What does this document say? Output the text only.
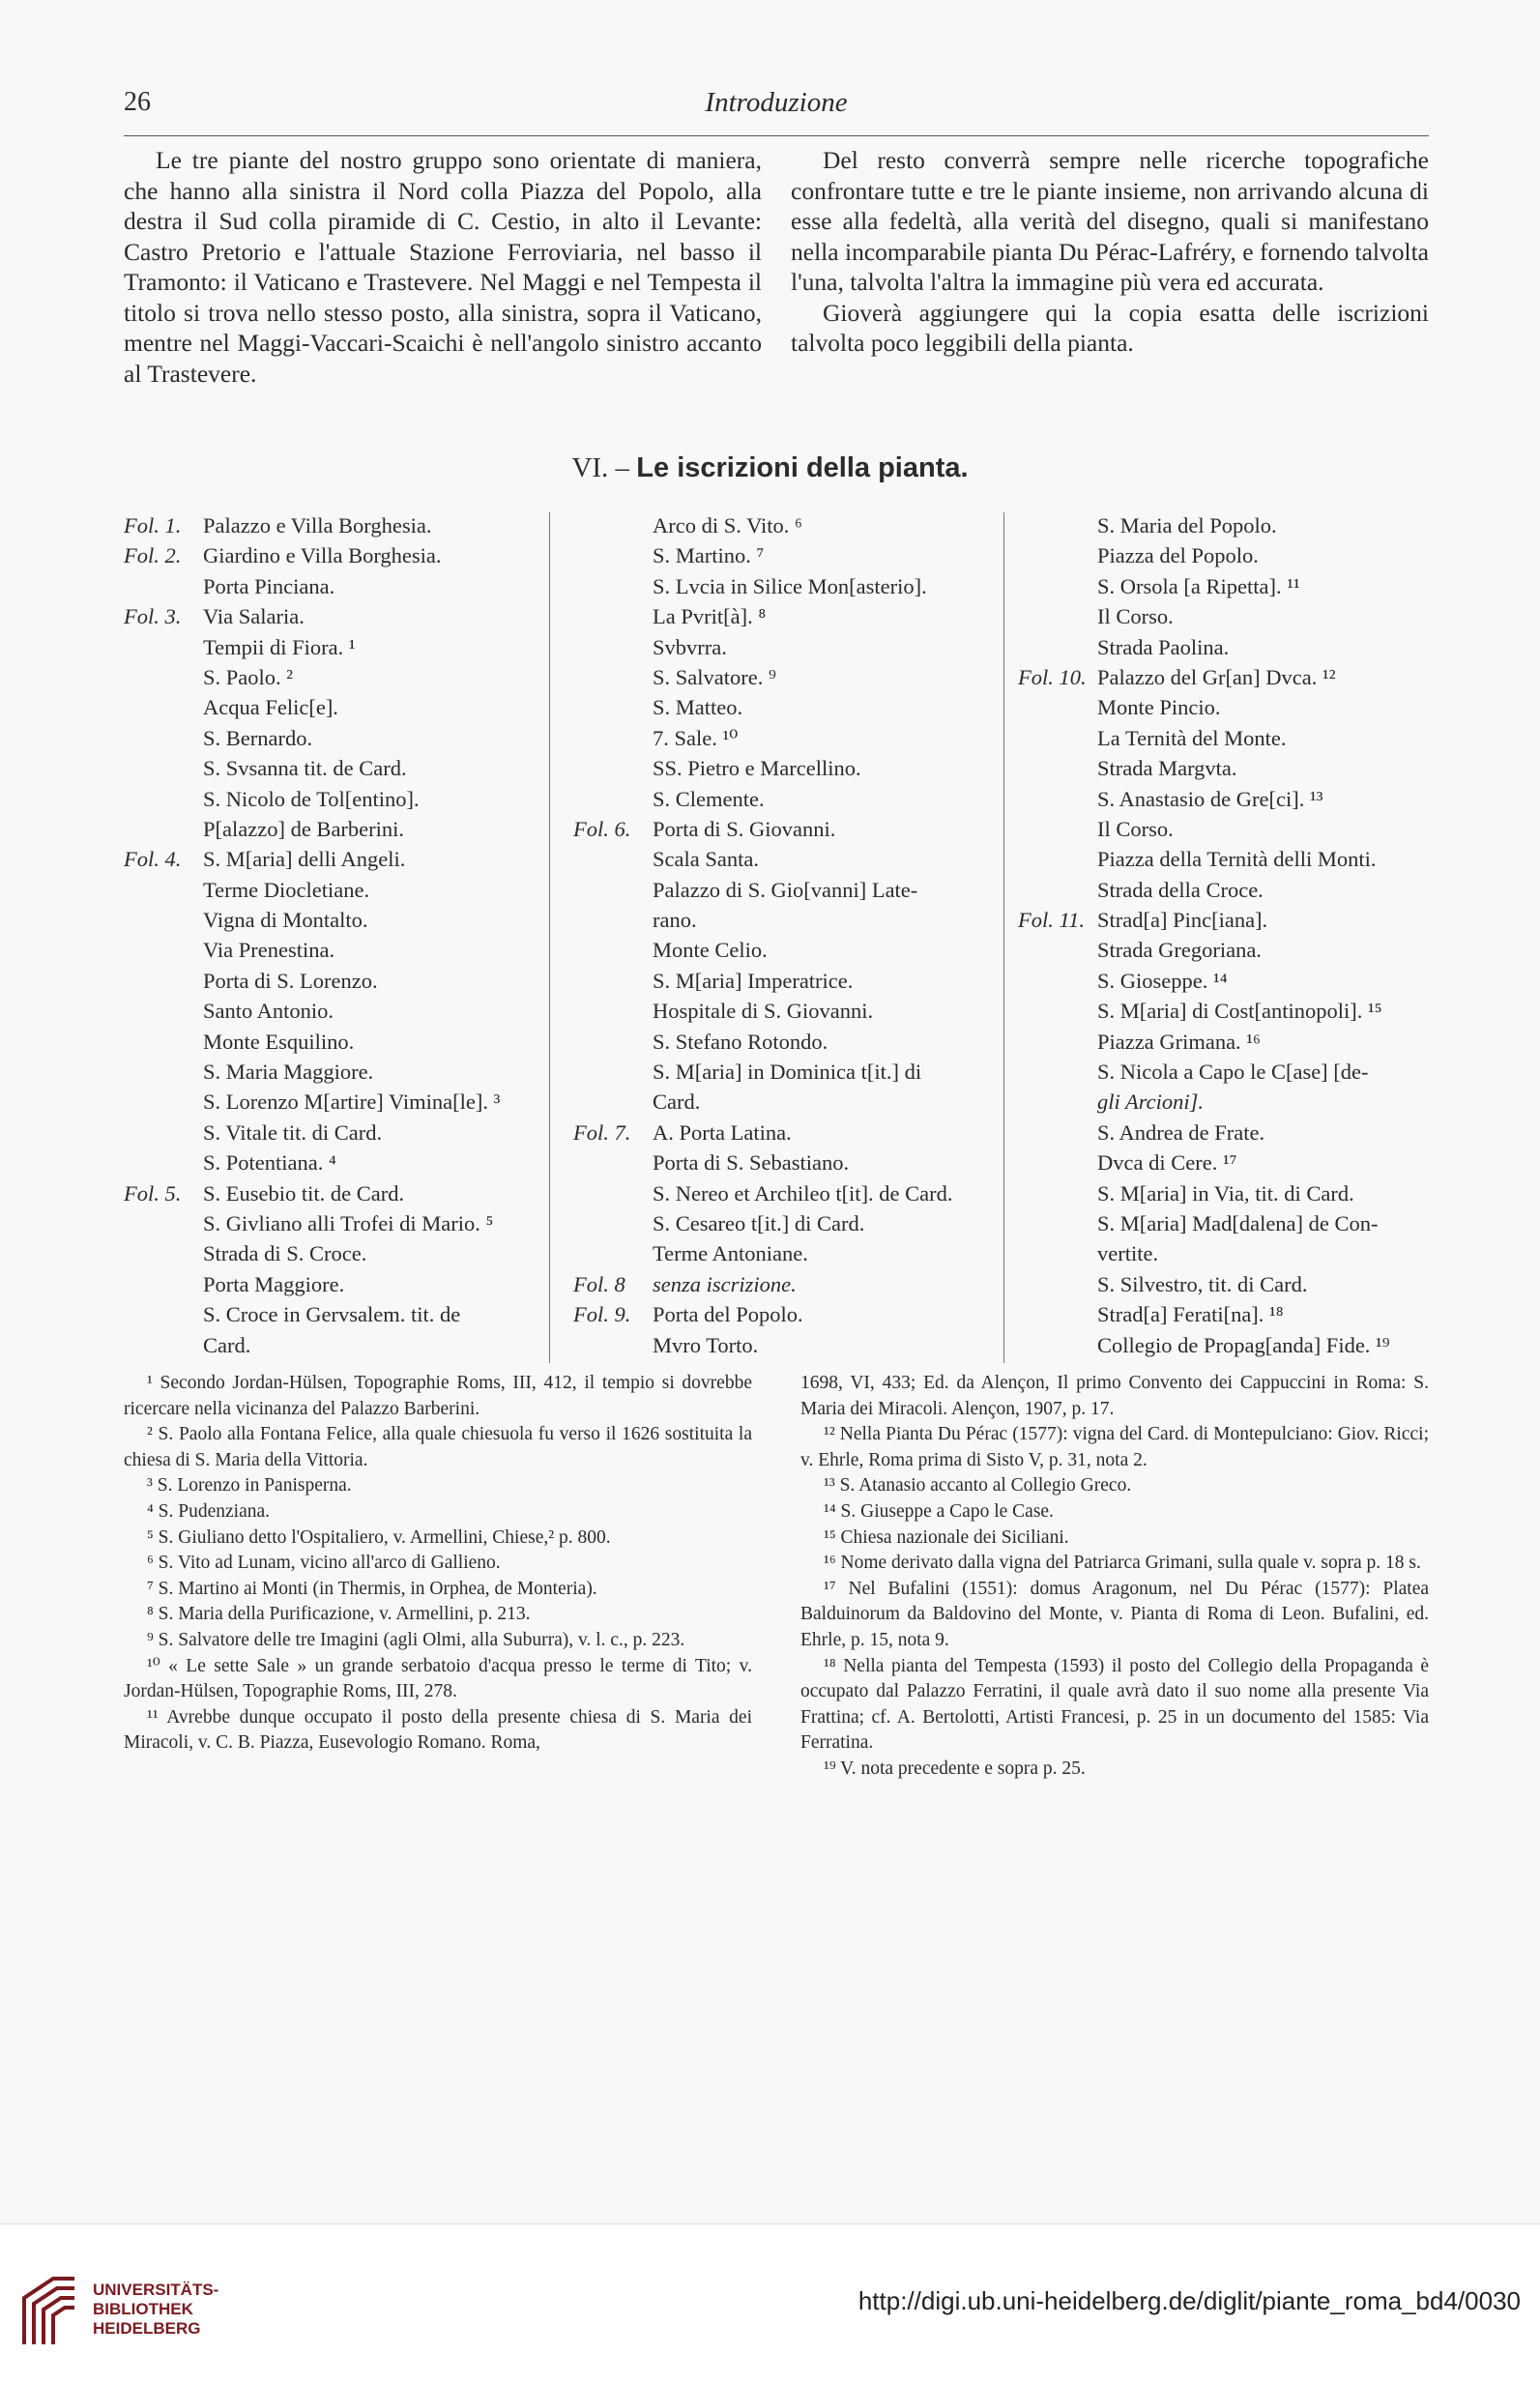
26	Introduzione

Le tre piante del nostro gruppo sono orientate di maniera, che hanno alla sinistra il Nord colla Piazza del Popolo, alla destra il Sud colla piramide di C. Cestio, in alto il Levante: Castro Pretorio e l'attuale Stazione Ferroviaria, nel basso il Tramonto: il Vaticano e Trastevere. Nel Maggi e nel Tempesta il titolo si trova nello stesso posto, alla sinistra, sopra il Vaticano, mentre nel Maggi-Vaccari-Scaichi è nell'angolo sinistro accanto al Trastevere.

Del resto converrà sempre nelle ricerche topografiche confrontare tutte e tre le piante insieme, non arrivando alcuna di esse alla fedeltà, alla verità del disegno, quali si manifestano nella incomparabile pianta Du Pérac-Lafréry, e fornendo talvolta l'una, talvolta l'altra la immagine più vera ed accurata.

Gioverà aggiungere qui la copia esatta delle iscrizioni talvolta poco leggibili della pianta.

VI. – Le iscrizioni della pianta.
Fol. 1. Palazzo e Villa Borghesia.
Fol. 2. Giardino e Villa Borghesia.
Porta Pinciana.
Fol. 3. Via Salaria.
Tempii di Fiora. ¹
S. Paolo. ²
Acqua Felic[e].
S. Bernardo.
S. Svsanna tit. de Card.
S. Nicolo de Tol[entino].
P[alazzo] de Barberini.
Fol. 4. S. M[aria] delli Angeli.
Terme Diocletiane.
Vigna di Montalto.
Via Prenestina.
Porta di S. Lorenzo.
Santo Antonio.
Monte Esquilino.
S. Maria Maggiore.
S. Lorenzo M[artire] Vimina[le]. ³
S. Vitale tit. di Card.
S. Potentiana. ⁴
Fol. 5. S. Eusebio tit. de Card.
S. Givliano alli Trofei di Mario. ⁵
Strada di S. Croce.
Porta Maggiore.
S. Croce in Gervsalem. tit. de
Card.
Arco di S. Vito. ⁶
S. Martino. ⁷
S. Lvcia in Silice Mon[asterio].
La Pvrit[à]. ⁸
Svbvrra.
S. Salvatore. ⁹
S. Matteo.
7. Sale. ¹⁰
SS. Pietro e Marcellino.
S. Clemente.
Fol. 6. Porta di S. Giovanni.
Scala Santa.
Palazzo di S. Gio[vanni] Late-
rano.
Monte Celio.
S. M[aria] Imperatrice.
Hospitale di S. Giovanni.
S. Stefano Rotondo.
S. M[aria] in Dominica t[it.] di
Card.
Fol. 7. A. Porta Latina.
Porta di S. Sebastiano.
S. Nereo et Archileo t[it]. de Card.
S. Cesareo t[it.] di Card.
Terme Antoniane.
Fol. 8 senza iscrizione.
Fol. 9. Porta del Popolo.
Mvro Torto.
S. Maria del Popolo.
Piazza del Popolo.
S. Orsola [a Ripetta]. ¹¹
Il Corso.
Strada Paolina.
Fol. 10. Palazzo del Gr[an] Dvca. ¹²
Monte Pincio.
La Ternità del Monte.
Strada Margvta.
S. Anastasio de Gre[ci]. ¹³
Il Corso.
Piazza della Ternità delli Monti.
Strada della Croce.
Fol. 11. Strad[a] Pinc[iana].
Strada Gregoriana.
S. Gioseppe. ¹⁴
S. M[aria] di Cost[antinopoli]. ¹⁵
Piazza Grimana. ¹⁶
S. Nicola a Capo le C[ase] [de-
gli Arcioni].
S. Andrea de Frate.
Dvca di Cere. ¹⁷
S. M[aria] in Via, tit. di Card.
S. M[aria] Mad[dalena] de Con-
vertite.
S. Silvestro, tit. di Card.
Strad[a] Ferati[na]. ¹⁸
Collegio de Propag[anda] Fide. ¹⁹

¹ Secondo Jordan-Hülsen, Topographie Roms, III, 412, il tempio si dovrebbe ricercare nella vicinanza del Palazzo Barberini.

² S. Paolo alla Fontana Felice, alla quale chiesuola fu verso il 1626 sostituita la chiesa di S. Maria della Vittoria.

³ S. Lorenzo in Panisperna.

⁴ S. Pudenziana.

⁵ S. Giuliano detto l'Ospitaliero, v. Armellini, Chiese,² p. 800.

⁶ S. Vito ad Lunam, vicino all'arco di Gallieno.

⁷ S. Martino ai Monti (in Thermis, in Orphea, de Monteria).

⁸ S. Maria della Purificazione, v. Armellini, p. 213.

⁹ S. Salvatore delle tre Imagini (agli Olmi, alla Suburra), v. l. c., p. 223.

¹⁰ « Le sette Sale » un grande serbatoio d'acqua presso le terme di Tito; v. Jordan-Hülsen, Topographie Roms, III, 278.

¹¹ Avrebbe dunque occupato il posto della presente chiesa di S. Maria dei Miracoli, v. C. B. Piazza, Eusevologio Romano. Roma,

1698, VI, 433; Ed. da Alençon, Il primo Convento dei Cappuccini in Roma: S. Maria dei Miracoli. Alençon, 1907, p. 17.

¹² Nella Pianta Du Pérac (1577): vigna del Card. di Montepulciano: Giov. Ricci; v. Ehrle, Roma prima di Sisto V, p. 31, nota 2.

¹³ S. Atanasio accanto al Collegio Greco.

¹⁴ S. Giuseppe a Capo le Case.

¹⁵ Chiesa nazionale dei Siciliani.

¹⁶ Nome derivato dalla vigna del Patriarca Grimani, sulla quale v. sopra p. 18 s.

¹⁷ Nel Bufalini (1551): domus Aragonum, nel Du Pérac (1577): Platea Balduinorum da Baldovino del Monte, v. Pianta di Roma di Leon. Bufalini, ed. Ehrle, p. 15, nota 9.

¹⁸ Nella pianta del Tempesta (1593) il posto del Collegio della Propaganda è occupato dal Palazzo Ferratini, il quale avrà dato il suo nome alla presente Via Frattina; cf. A. Bertolotti, Artisti Francesi, p. 25 in un documento del 1585: Via Ferratina.

¹⁹ V. nota precedente e sopra p. 25.

UNIVERSITÄTS-
BIBLIOTHEK
HEIDELBERG
http://digi.ub.uni-heidelberg.de/diglit/piante_roma_bd4/0030
